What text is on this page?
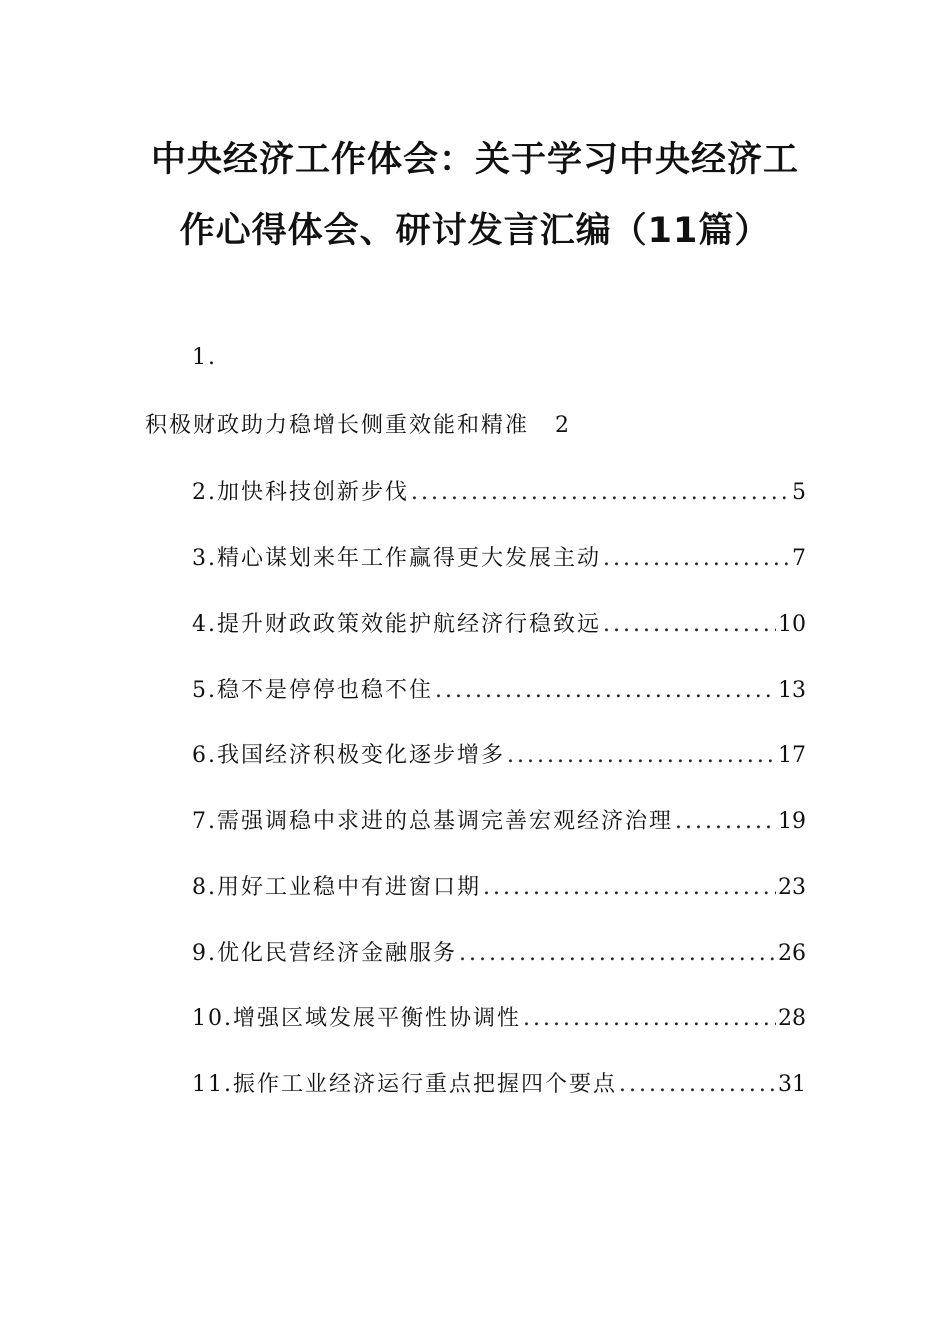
中央经济工作体会：关于学习中央经济工
作心得体会、研讨发言汇编（11篇）
1.
积极财政助力稳增长侧重效能和精准 2
2.加快科技创新步伐 .....	5
3.精心谋划来年工作赢得更大发展主动 .....	7
4.提升财政政策效能护航经济行稳致远 .....	10
5.稳不是停停也稳不住 .....	13
6.我国经济积极变化逐步增多 .....	17
7.需强调稳中求进的总基调完善宏观经济治理 .....	19
8.用好工业稳中有进窗口期 .....	23
9.优化民营经济金融服务 .....	26
10.增强区域发展平衡性协调性 .....	28
11.振作工业经济运行重点把握四个要点 .....	31
